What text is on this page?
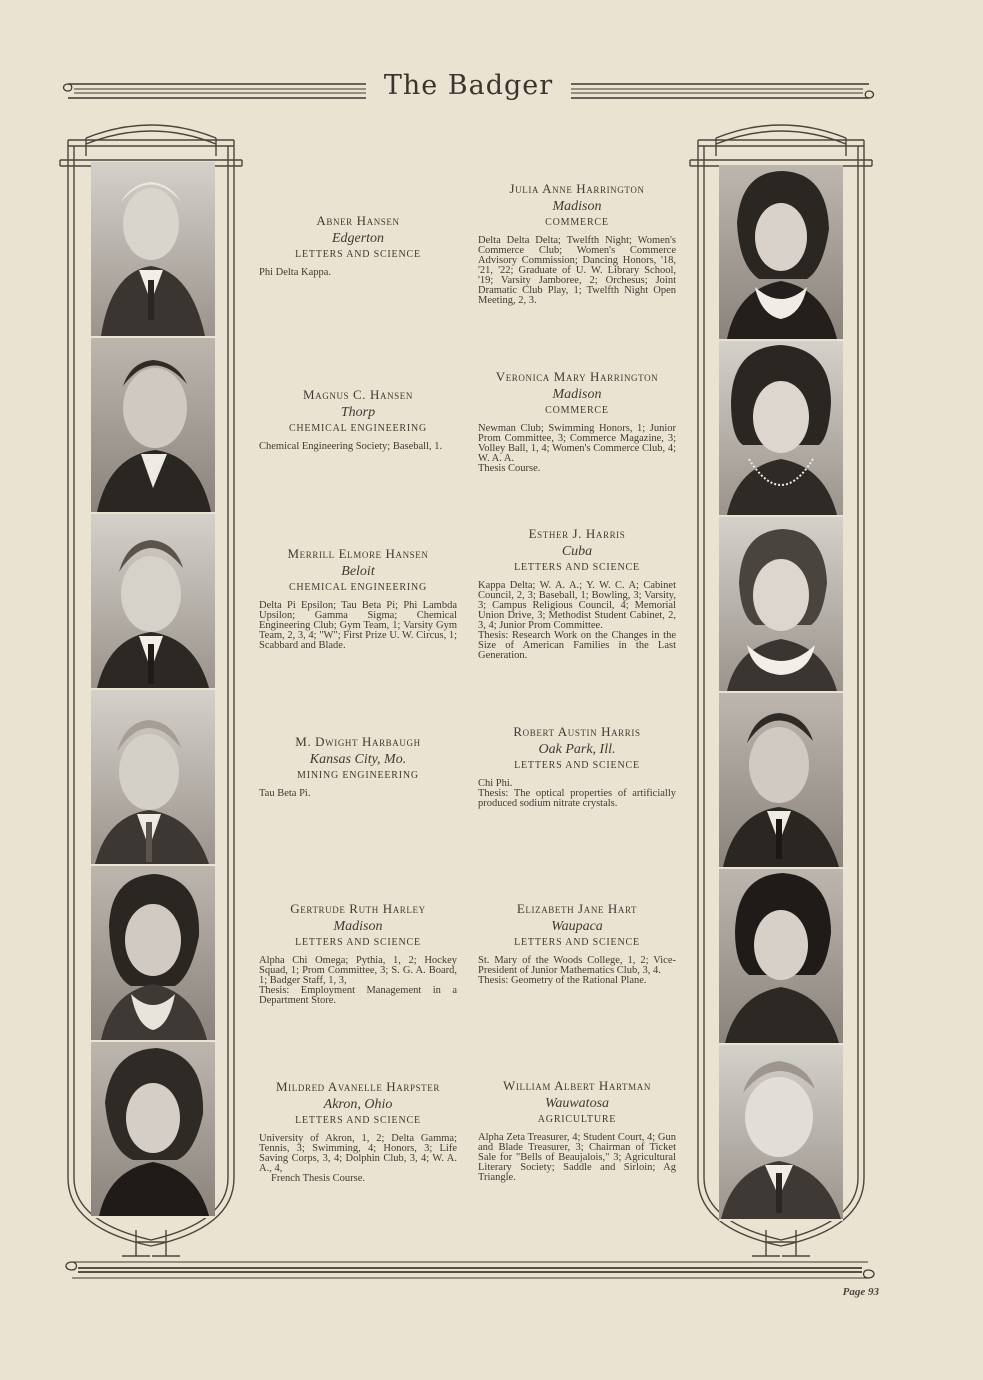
The Badger
Abner Hansen
Edgerton
LETTERS AND SCIENCE
Phi Delta Kappa.
Magnus C. Hansen
Thorp
CHEMICAL ENGINEERING
Chemical Engineering Society; Baseball, 1.
Merrill Elmore Hansen
Beloit
CHEMICAL ENGINEERING
Delta Pi Epsilon; Tau Beta Pi; Phi Lambda Upsilon; Gamma Sigma; Chemical Engineering Club; Gym Team, 1; Varsity Gym Team, 2, 3, 4; "W"; First Prize U. W. Circus, 1; Scabbard and Blade.
M. Dwight Harbaugh
Kansas City, Mo.
MINING ENGINEERING
Tau Beta Pi.
Gertrude Ruth Harley
Madison
LETTERS AND SCIENCE
Alpha Chi Omega; Pythia, 1, 2; Hockey Squad, 1; Prom Committee, 3; S. G. A. Board, 1; Badger Staff, 1, 3,
Thesis: Employment Management in a Department Store.
Mildred Avanelle Harpster
Akron, Ohio
LETTERS AND SCIENCE
University of Akron, 1, 2; Delta Gamma; Tennis, 3; Swimming, 4; Honors, 3; Life Saving Corps, 3, 4; Dolphin Club, 3, 4; W. A. A., 4,
French Thesis Course.
Julia Anne Harrington
Madison
COMMERCE
Delta Delta Delta; Twelfth Night; Women's Commerce Club; Women's Commerce Advisory Commission; Dancing Honors, '18, '21, '22; Graduate of U. W. Library School, '19; Varsity Jamboree, 2; Orchesus; Joint Dramatic Club Play, 1; Twelfth Night Open Meeting, 2, 3.
Veronica Mary Harrington
Madison
COMMERCE
Newman Club; Swimming Honors, 1; Junior Prom Committee, 3; Commerce Magazine, 3; Volley Ball, 1, 4; Women's Commerce Club, 4; W. A. A.
Thesis Course.
Esther J. Harris
Cuba
LETTERS AND SCIENCE
Kappa Delta; W. A. A.; Y. W. C. A; Cabinet Council, 2, 3; Baseball, 1; Bowling, 3; Varsity, 3; Campus Religious Council, 4; Memorial Union Drive, 3; Methodist Student Cabinet, 2, 3, 4; Junior Prom Committee.
Thesis: Research Work on the Changes in the Size of American Families in the Last Generation.
Robert Austin Harris
Oak Park, Ill.
LETTERS AND SCIENCE
Chi Phi.
Thesis: The optical properties of artificially produced sodium nitrate crystals.
Elizabeth Jane Hart
Waupaca
LETTERS AND SCIENCE
St. Mary of the Woods College, 1, 2; Vice-President of Junior Mathematics Club, 3, 4.
Thesis: Geometry of the Rational Plane.
William Albert Hartman
Wauwatosa
AGRICULTURE
Alpha Zeta Treasurer, 4; Student Court, 4; Gun and Blade Treasurer, 3; Chairman of Ticket Sale for "Bells of Beaujalois," 3; Agricultural Literary Society; Saddle and Sirloin; Ag Triangle.
Page 93
